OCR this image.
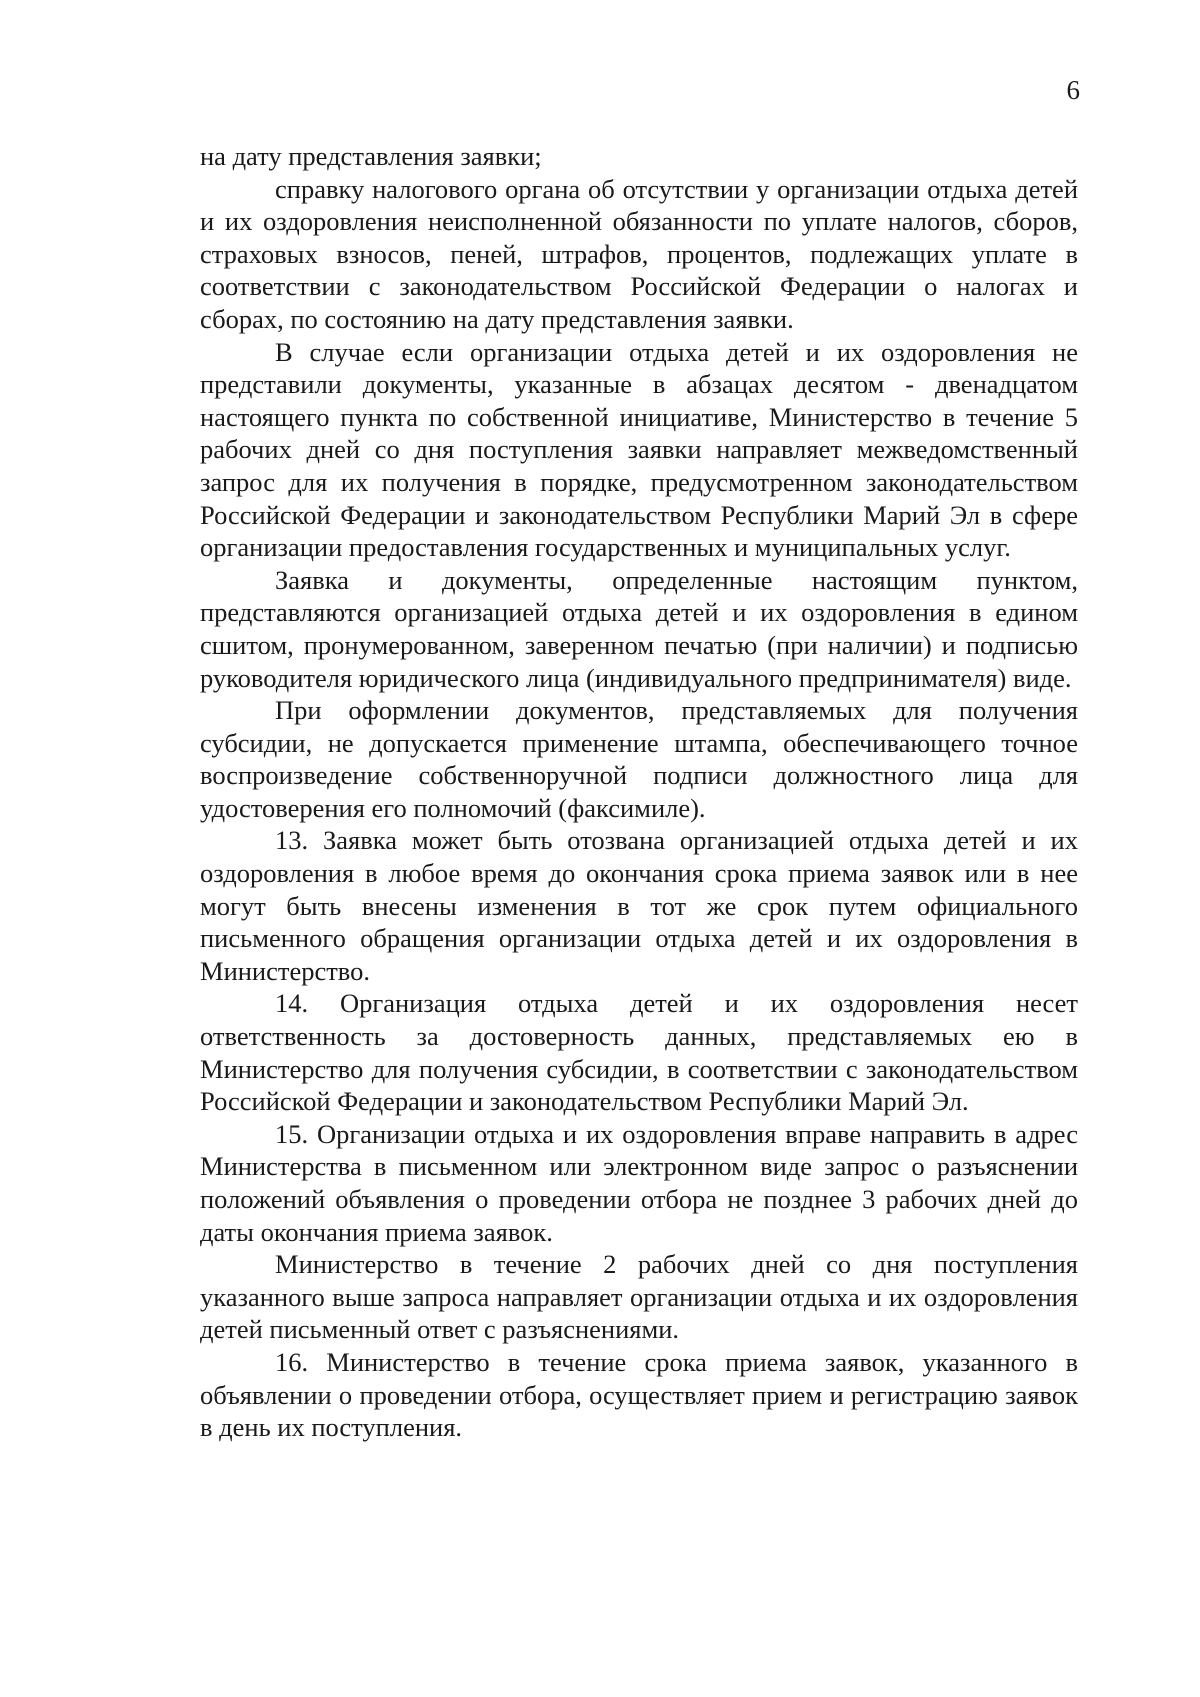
6

на дату представления заявки;

справку налогового органа об отсутствии у организации отдыха детей и их оздоровления неисполненной обязанности по уплате налогов, сборов, страховых взносов, пеней, штрафов, процентов, подлежащих уплате в соответствии с законодательством Российской Федерации о налогах и сборах, по состоянию на дату представления заявки.

В случае если организации отдыха детей и их оздоровления не представили документы, указанные в абзацах десятом - двенадцатом настоящего пункта по собственной инициативе, Министерство в течение 5 рабочих дней со дня поступления заявки направляет межведомственный запрос для их получения в порядке, предусмотренном законодательством Российской Федерации и законодательством Республики Марий Эл в сфере организации предоставления государственных и муниципальных услуг.

Заявка и документы, определенные настоящим пунктом, представляются организацией отдыха детей и их оздоровления в едином сшитом, пронумерованном, заверенном печатью (при наличии) и подписью руководителя юридического лица (индивидуального предпринимателя) виде.

При оформлении документов, представляемых для получения субсидии, не допускается применение штампа, обеспечивающего точное воспроизведение собственноручной подписи должностного лица для удостоверения его полномочий (факсимиле).

13. Заявка может быть отозвана организацией отдыха детей и их оздоровления в любое время до окончания срока приема заявок или в нее могут быть внесены изменения в тот же срок путем официального письменного обращения организации отдыха детей и их оздоровления в Министерство.

14. Организация отдыха детей и их оздоровления несет ответственность за достоверность данных, представляемых ею в Министерство для получения субсидии, в соответствии с законодательством Российской Федерации и законодательством Республики Марий Эл.

15. Организации отдыха и их оздоровления вправе направить в адрес Министерства в письменном или электронном виде запрос о разъяснении положений объявления о проведении отбора не позднее 3 рабочих дней до даты окончания приема заявок.

Министерство в течение 2 рабочих дней со дня поступления указанного выше запроса направляет организации отдыха и их оздоровления детей письменный ответ с разъяснениями.

16. Министерство в течение срока приема заявок, указанного в объявлении о проведении отбора, осуществляет прием и регистрацию заявок в день их поступления.
